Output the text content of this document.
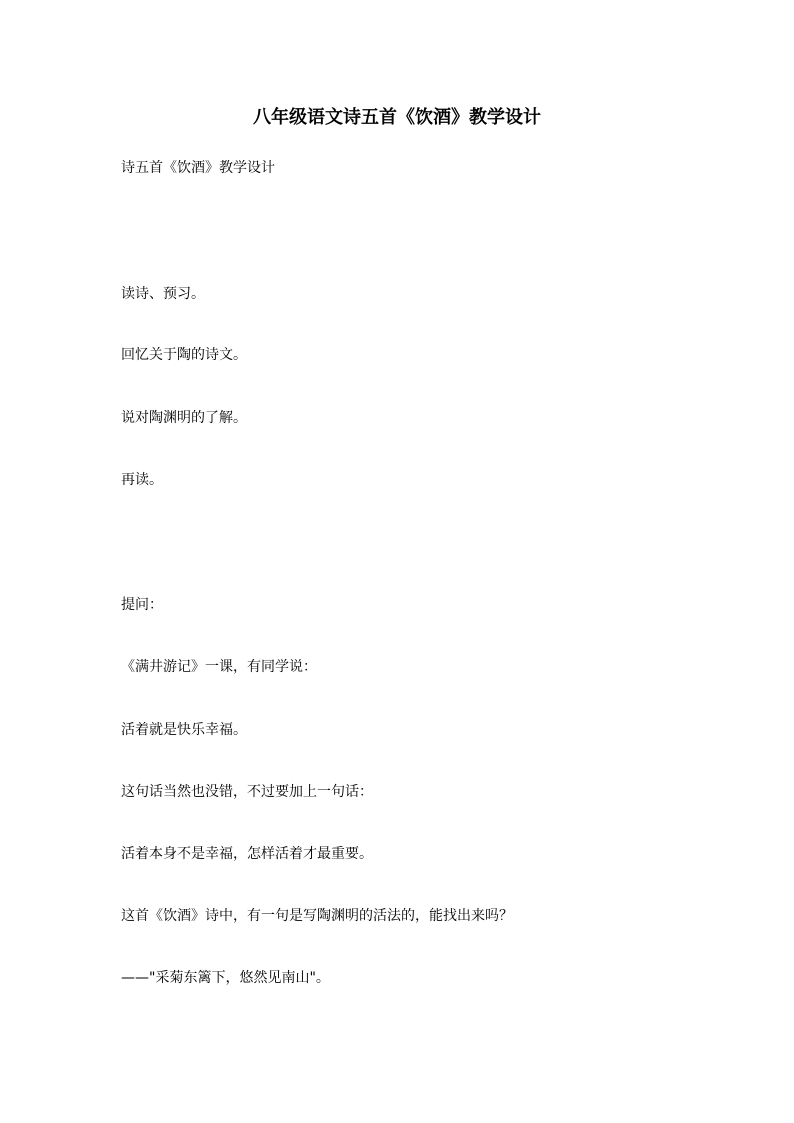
八年级语文诗五首《饮酒》教学设计

诗五首《饮酒》教学设计

读诗、预习。

回忆关于陶的诗文。

说对陶渊明的了解。

再读。

提问：

《满井游记》一课，有同学说：

活着就是快乐幸福。

这句话当然也没错，不过要加上一句话：

活着本身不是幸福，怎样活着才最重要。

这首《饮酒》诗中，有一句是写陶渊明的活法的，能找出来吗？

——"采菊东篱下，悠然见南山"。
